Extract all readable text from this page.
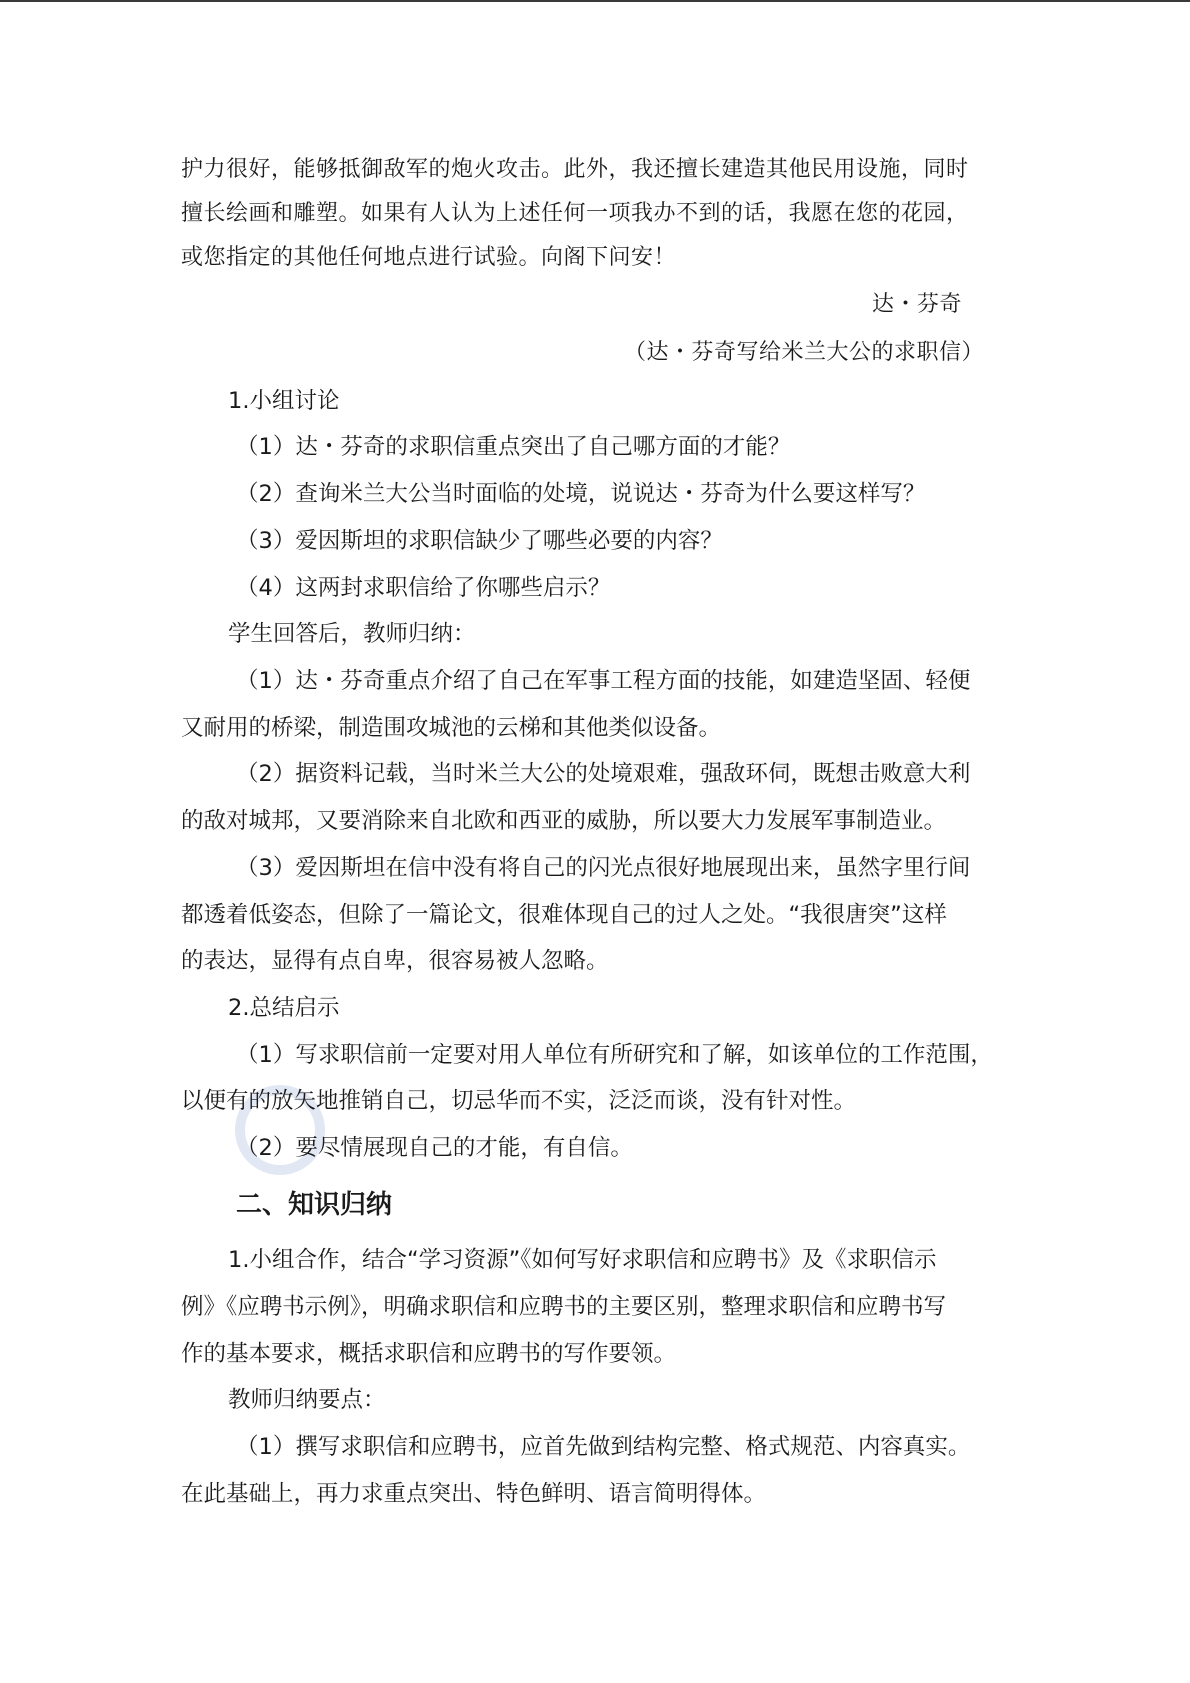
护力很好，能够抵御敌军的炮火攻击。此外，我还擅长建造其他民用设施，同时
擅长绘画和雕塑。如果有人认为上述任何一项我办不到的话，我愿在您的花园，
或您指定的其他任何地点进行试验。向阁下问安！
达・芬奇
（达・芬奇写给米兰大公的求职信）
1.小组讨论
（1）达・芬奇的求职信重点突出了自己哪方面的才能？
（2）查询米兰大公当时面临的处境，说说达・芬奇为什么要这样写？
（3）爱因斯坦的求职信缺少了哪些必要的内容？
（4）这两封求职信给了你哪些启示？
学生回答后，教师归纳：
（1）达・芬奇重点介绍了自己在军事工程方面的技能，如建造坚固、轻便
又耐用的桥梁，制造围攻城池的云梯和其他类似设备。
（2）据资料记载，当时米兰大公的处境艰难，强敌环伺，既想击败意大利
的敌对城邦，又要消除来自北欧和西亚的威胁，所以要大力发展军事制造业。
（3）爱因斯坦在信中没有将自己的闪光点很好地展现出来，虽然字里行间
都透着低姿态，但除了一篇论文，很难体现自己的过人之处。“我很唐突”这样
的表达，显得有点自卑，很容易被人忽略。
2.总结启示
（1）写求职信前一定要对用人单位有所研究和了解，如该单位的工作范围，
以便有的放矢地推销自己，切忌华而不实，泛泛而谈，没有针对性。
（2）要尽情展现自己的才能，有自信。
二、知识归纳
1.小组合作，结合“学习资源”《如何写好求职信和应聘书》及《求职信示
例》《应聘书示例》，明确求职信和应聘书的主要区别，整理求职信和应聘书写
作的基本要求，概括求职信和应聘书的写作要领。
教师归纳要点：
（1）撰写求职信和应聘书，应首先做到结构完整、格式规范、内容真实。
在此基础上，再力求重点突出、特色鲜明、语言简明得体。
